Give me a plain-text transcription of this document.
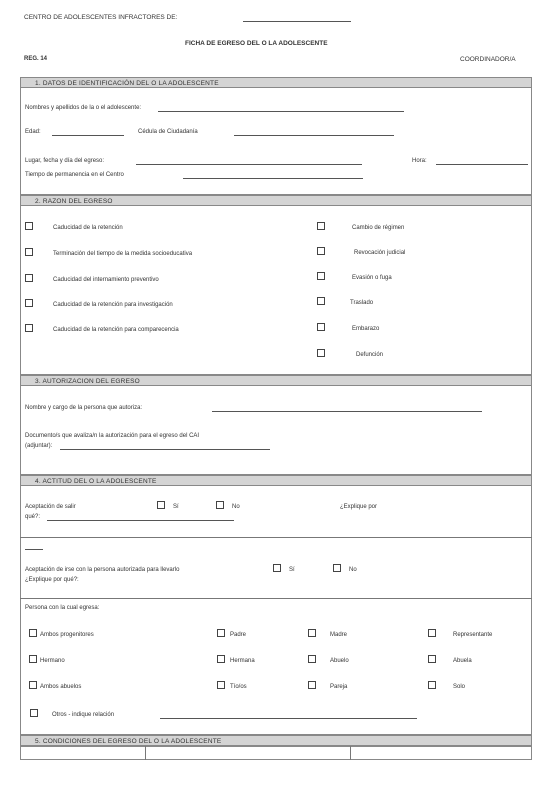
CENTRO DE ADOLESCENTES INFRACTORES DE:
FICHA DE EGRESO DEL O LA ADOLESCENTE
REG. 14	COORDINADOR/A
1. DATOS DE IDENTIFICACIÓN DEL O LA ADOLESCENTE
Nombres y apellidos de la o el adolescente:
Edad:	Cédula de Ciudadanía
Lugar, fecha y día del egreso:	Hora:
Tiempo de permanencia en el Centro
2. RAZON DEL EGRESO
Caducidad de la retención
Terminación del tiempo de la medida socioeducativa
Caducidad del internamiento preventivo
Caducidad de la retención para investigación
Caducidad de la retención para comparecencia
Cambio de régimen
Revocación judicial
Evasión o fuga
Traslado
Embarazo
Defunción
3. AUTORIZACION DEL EGRESO
Nombre y cargo de la persona que autoriza:
Documento/s que avaliza/n la autorización para el egreso del CAI
(adjuntar):
4. ACTITUD DEL O LA ADOLESCENTE
Aceptación de salir	Sí	No	¿Explique por
qué?:
Aceptación de irse con la persona autorizada para llevarlo	Sí	No
¿Explique por qué?:
Persona con la cual egresa:
Ambos progenitores	Padre	Madre	Representante
Hermano	Hermana	Abuelo	Abuela
Ambos abuelos	Tío/os	Pareja	Solo
Otros - indique relación
5. CONDICIONES DEL EGRESO DEL O LA ADOLESCENTE
